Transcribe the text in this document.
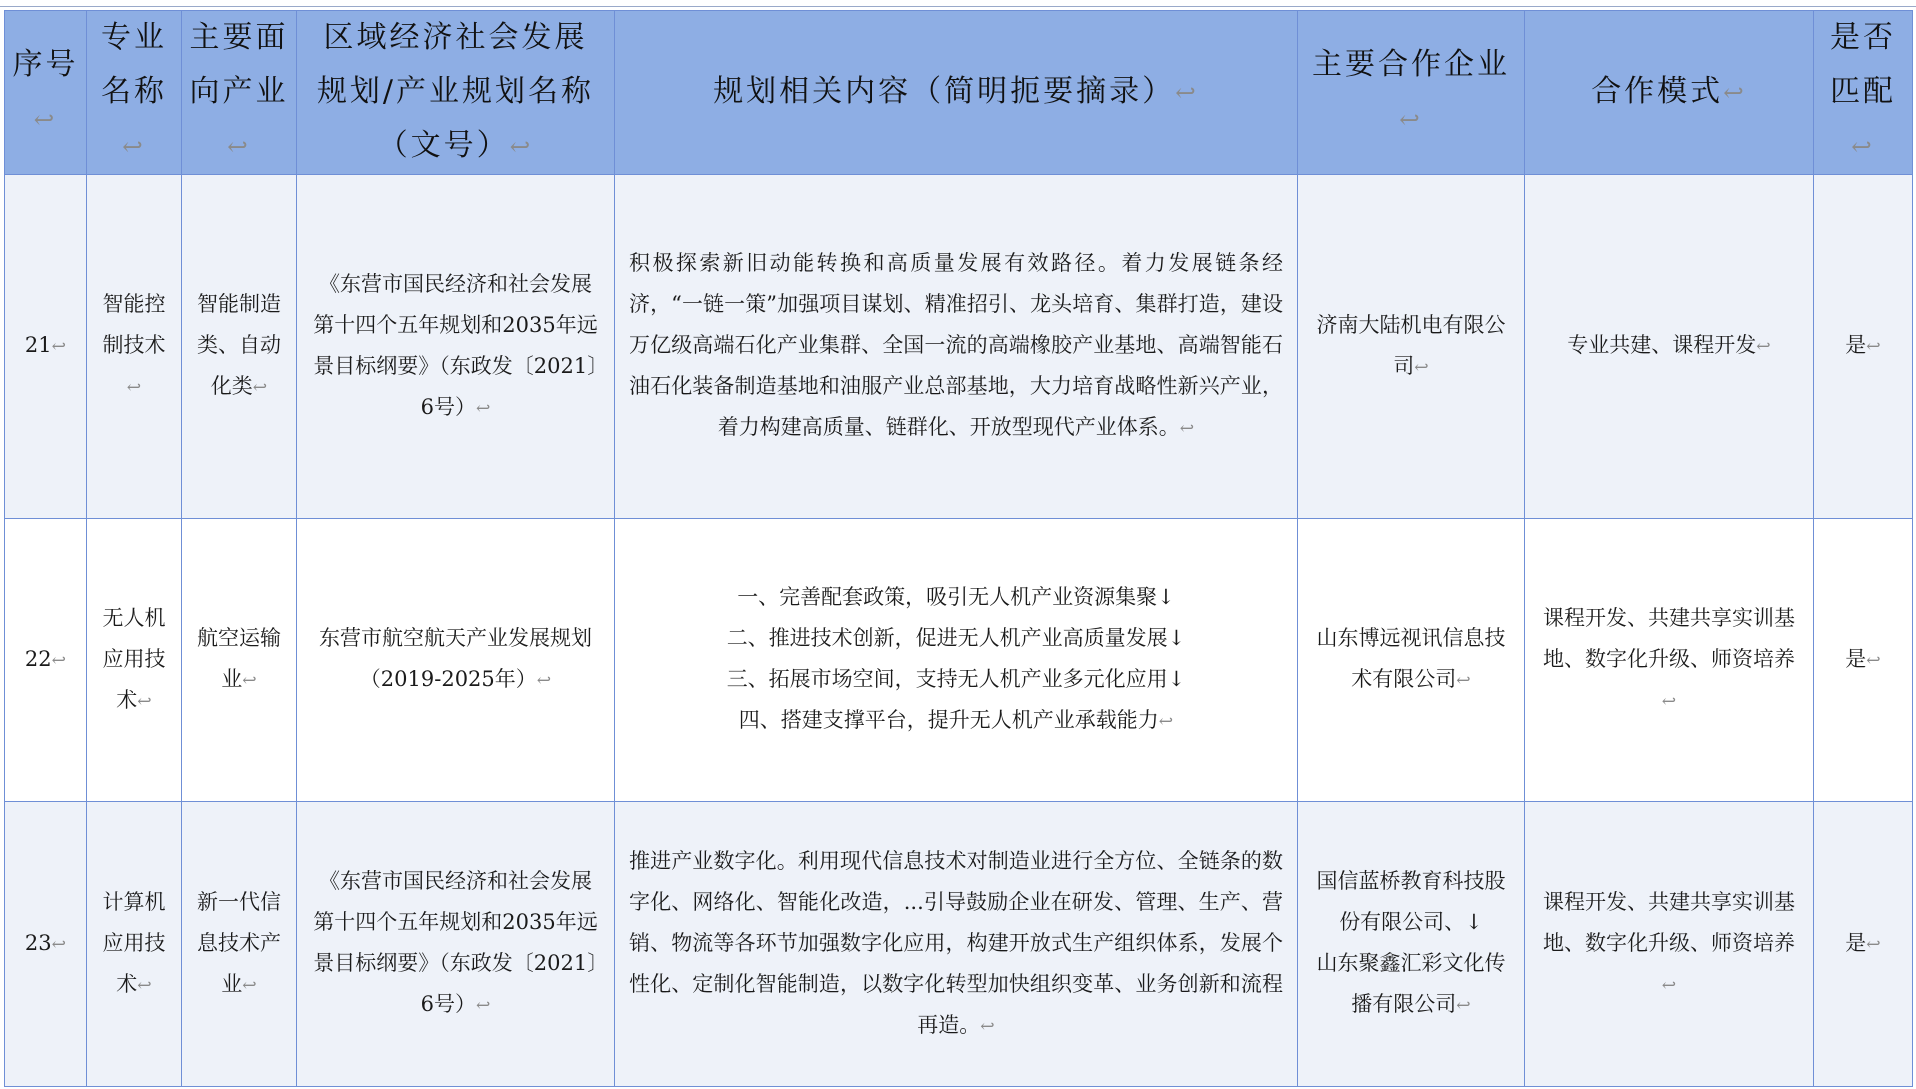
序号↩	专业名称↩	主要面向产业↩	区域经济社会发展规划/产业规划名称（文号）↩	规划相关内容（简明扼要摘录）↩	主要合作企业↩	合作模式↩	是否匹配↩
21↩	智能控制技术↩	智能制造类、自动化类↩	《东营市国民经济和社会发展第十四个五年规划和2035年远景目标纲要》（东政发〔2021〕6号）↩	积极探索新旧动能转换和高质量发展有效路径。着力发展链条经济，“一链一策”加强项目谋划、精准招引、龙头培育、集群打造，建设万亿级高端石化产业集群、全国一流的高端橡胶产业基地、高端智能石油石化装备制造基地和油服产业总部基地，大力培育战略性新兴产业，着力构建高质量、链群化、开放型现代产业体系。↩	济南大陆机电有限公司↩	专业共建、课程开发↩	是↩
22↩	无人机应用技术↩	航空运输业↩	东营市航空航天产业发展规划（2019-2025年）↩	一、完善配套政策，吸引无人机产业资源集聚↓
二、推进技术创新，促进无人机产业高质量发展↓
三、拓展市场空间，支持无人机产业多元化应用↓
四、搭建支撑平台，提升无人机产业承载能力↩	山东博远视讯信息技术有限公司↩	课程开发、共建共享实训基地、数字化升级、师资培养↩	是↩
23↩	计算机应用技术↩	新一代信息技术产业↩	《东营市国民经济和社会发展第十四个五年规划和2035年远景目标纲要》（东政发〔2021〕6号）↩	推进产业数字化。利用现代信息技术对制造业进行全方位、全链条的数字化、网络化、智能化改造，...引导鼓励企业在研发、管理、生产、营销、物流等各环节加强数字化应用，构建开放式生产组织体系，发展个性化、定制化智能制造，以数字化转型加快组织变革、业务创新和流程再造。↩	国信蓝桥教育科技股份有限公司、↓
山东聚鑫汇彩文化传播有限公司↩	课程开发、共建共享实训基地、数字化升级、师资培养↩	是↩
